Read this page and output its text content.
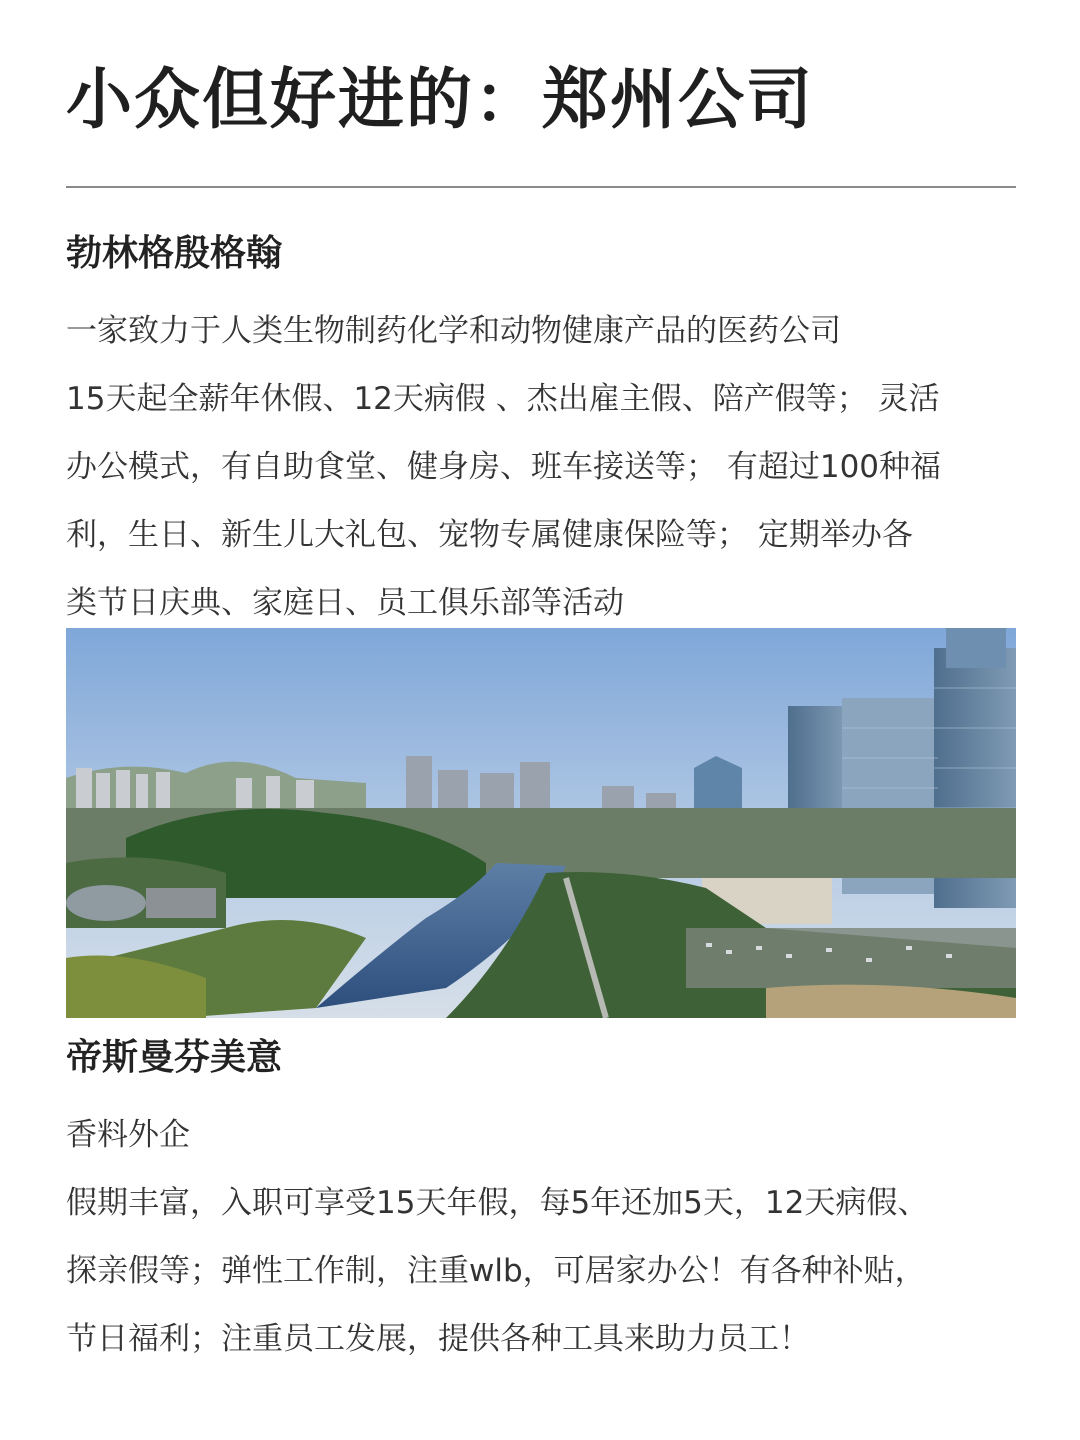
小众但好进的：郑州公司
勃林格殷格翰
一家致力于人类生物制药化学和动物健康产品的医药公司
15天起全薪年休假、12天病假 、杰出雇主假、陪产假等； 灵活
办公模式，有自助食堂、健身房、班车接送等； 有超过100种福
利，生日、新生儿大礼包、宠物专属健康保险等； 定期举办各
类节日庆典、家庭日、员工俱乐部等活动
帝斯曼芬美意
香料外企
假期丰富，入职可享受15天年假，每5年还加5天，12天病假、
探亲假等；弹性工作制，注重wlb，可居家办公！有各种补贴，
节日福利；注重员工发展，提供各种工具来助力员工！
